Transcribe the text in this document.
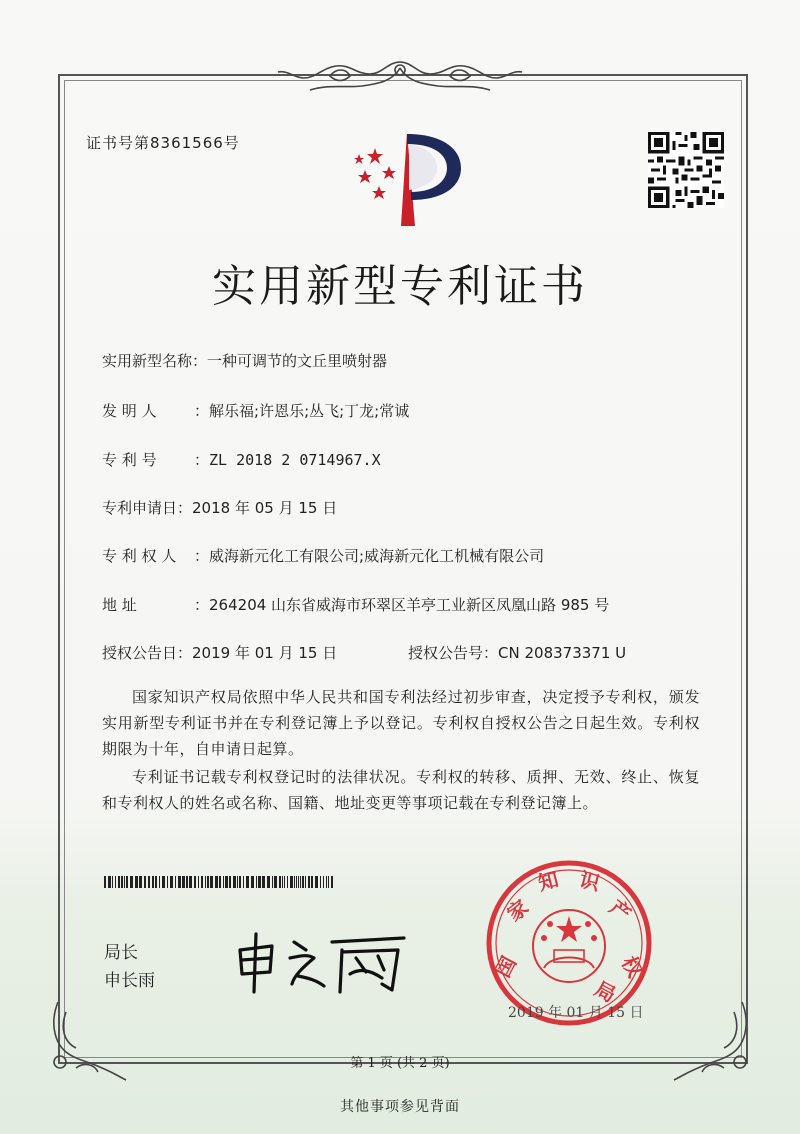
证书号第8361566号
实用新型专利证书
实用新型名称：一种可调节的文丘里喷射器
发 明 人 ：解乐福;许恩乐;丛飞;丁龙;常诚
专 利 号 ：ZL 2018 2 0714967.X
专利申请日：2018 年 05 月 15 日
专 利 权 人 ：威海新元化工有限公司;威海新元化工机械有限公司
地 址	：264204 山东省威海市环翠区羊亭工业新区凤凰山路 985 号
授权公告日：2019 年 01 月 15 日	授权公告号：CN 208373371 U
国家知识产权局依照中华人民共和国专利法经过初步审查，决定授予专利权，颁发实用新型专利证书并在专利登记簿上予以登记。专利权自授权公告之日起生效。专利权期限为十年，自申请日起算。
专利证书记载专利权登记时的法律状况。专利权的转移、质押、无效、终止、恢复和专利权人的姓名或名称、国籍、地址变更等事项记载在专利登记簿上。
局长
申长雨	国
家
知 识
产
权
局
2019 年 01 月 15 日
第 1 页 (共 2 页)
其他事项参见背面
